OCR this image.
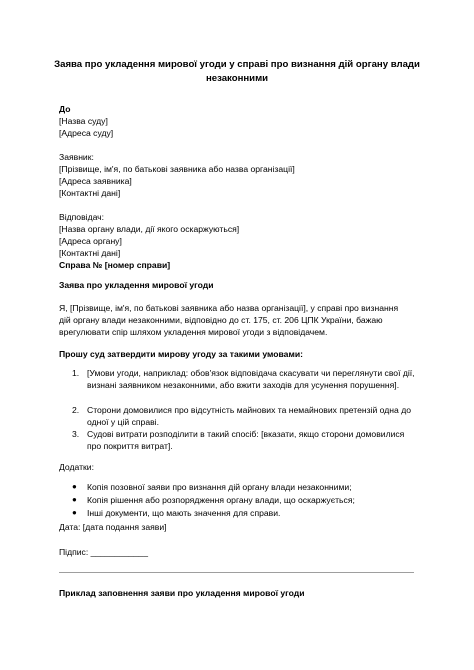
Заява про укладення мирової угоди у справі про визнання дій органу влади незаконними
До
[Назва суду]
[Адреса суду]
Заявник:
[Прізвище, ім'я, по батькові заявника або назва організації]
[Адреса заявника]
[Контактні дані]
Відповідач:
[Назва органу влади, дії якого оскаржуються]
[Адреса органу]
[Контактні дані]
Справа № [номер справи]
Заява про укладення мирової угоди
Я, [Прізвище, ім'я, по батькові заявника або назва організації], у справі про визнання дій органу влади незаконними, відповідно до ст. 175, ст. 206 ЦПК України, бажаю врегулювати спір шляхом укладення мирової угоди з відповідачем.
Прошу суд затвердити мирову угоду за такими умовами:
1. [Умови угоди, наприклад: обов'язок відповідача скасувати чи переглянути свої дії, визнані заявником незаконними, або вжити заходів для усунення порушення].
2. Сторони домовилися про відсутність майнових та немайнових претензій одна до одної у цій справі.
3. Судові витрати розподілити в такий спосіб: [вказати, якщо сторони домовилися про покриття витрат].
Додатки:
●	Копія позовної заяви про визнання дій органу влади незаконними;
●	Копія рішення або розпорядження органу влади, що оскаржується;
●	Інші документи, що мають значення для справи.
Дата: [дата подання заяви]
Підпис: ____________
Приклад заповнення заяви про укладення мирової угоди
